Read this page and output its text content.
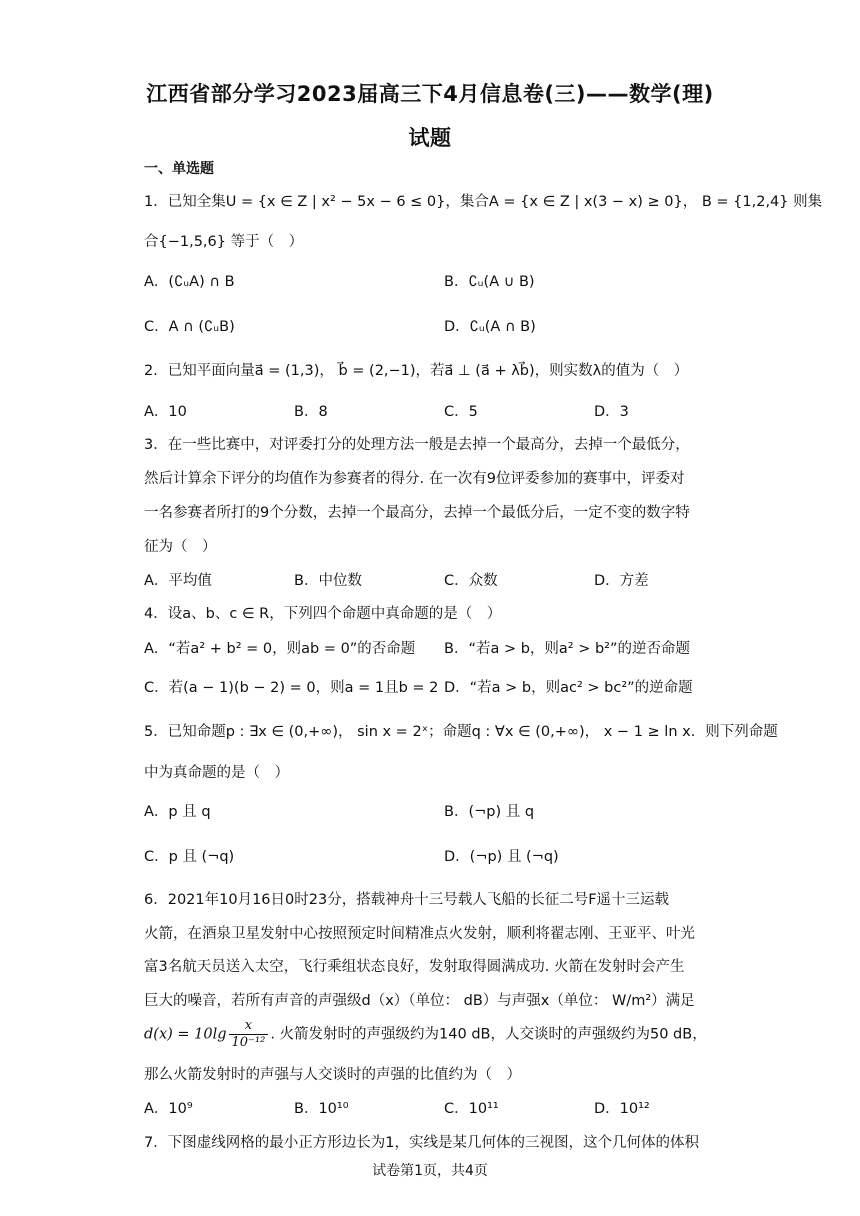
江西省部分学习2023届高三下4月信息卷(三)——数学(理)
试题
一、单选题
1．已知全集U = {x ∈ Z | x² − 5x − 6 ≤ 0}，集合A = {x ∈ Z | x(3 − x) ≥ 0}， B = {1,2,4} 则集
合{−1,5,6} 等于（　）
A．(∁ᵤA) ∩ B	B．∁ᵤ(A ∪ B)
C．A ∩ (∁ᵤB)	D．∁ᵤ(A ∩ B)
2．已知平面向量a⃗ = (1,3)， b⃗ = (2,−1)，若a⃗ ⊥ (a⃗ + λb⃗)，则实数λ的值为（　）
A．10	B．8	C．5	D．3
3．在一些比赛中，对评委打分的处理方法一般是去掉一个最高分，去掉一个最低分，
然后计算余下评分的均值作为参赛者的得分. 在一次有9位评委参加的赛事中，评委对
一名参赛者所打的9个分数，去掉一个最高分，去掉一个最低分后，一定不变的数字特
征为（　）
A．平均值	B．中位数	C．众数	D．方差
4．设a、b、c ∈ R，下列四个命题中真命题的是（　）
A．“若a² + b² = 0，则ab = 0”的否命题 B．“若a > b，则a² > b²”的逆否命题
C．若(a − 1)(b − 2) = 0，则a = 1且b = 2 D．“若a > b，则ac² > bc²”的逆命题
5．已知命题p : ∃x ∈ (0,+∞)， sin x = 2ˣ；命题q : ∀x ∈ (0,+∞)， x − 1 ≥ ln x．则下列命题
中为真命题的是（　）
A．p 且 q	B．(¬p) 且 q
C．p 且 (¬q)	D．(¬p) 且 (¬q)
6．2021年10月16日0时23分，搭载神舟十三号载人飞船的长征二号F遥十三运载
火箭，在酒泉卫星发射中心按照预定时间精准点火发射，顺利将翟志刚、王亚平、叶光
富3名航天员送入太空，飞行乘组状态良好，发射取得圆满成功. 火箭在发射时会产生
巨大的噪音，若所有声音的声强级d（x）（单位： dB）与声强x（单位： W/m²）满足
$d(x) = 10\lg \frac{x}{\text{10⁻¹²}}$ . 火箭发射时的声强级约为140 dB，人交谈时的声强级约为50 dB，
那么火箭发射时的声强与人交谈时的声强的比值约为（　）
A．10⁹	B．10¹⁰	C．10¹¹	D．10¹²
7．下图虚线网格的最小正方形边长为1，实线是某几何体的三视图，这个几何体的体积
试卷第1页，共4页
